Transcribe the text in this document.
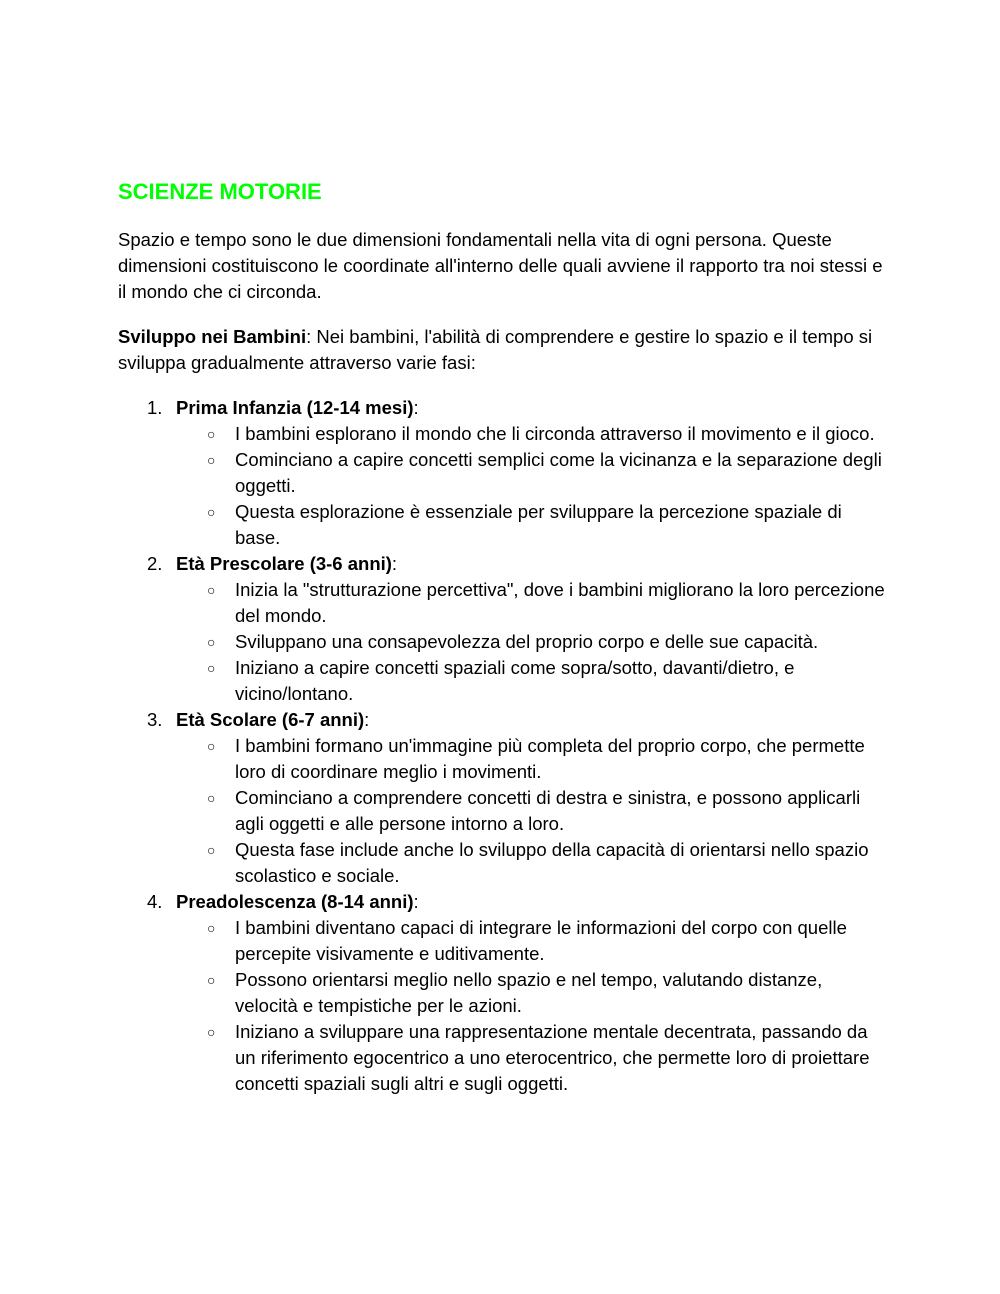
SCIENZE MOTORIE

Spazio e tempo sono le due dimensioni fondamentali nella vita di ogni persona. Queste dimensioni costituiscono le coordinate all'interno delle quali avviene il rapporto tra noi stessi e il mondo che ci circonda.

Sviluppo nei Bambini: Nei bambini, l'abilità di comprendere e gestire lo spazio e il tempo si sviluppa gradualmente attraverso varie fasi:

1. Prima Infanzia (12-14 mesi):
○ I bambini esplorano il mondo che li circonda attraverso il movimento e il gioco.
○ Cominciano a capire concetti semplici come la vicinanza e la separazione degli oggetti.
○ Questa esplorazione è essenziale per sviluppare la percezione spaziale di base.
2. Età Prescolare (3-6 anni):
○ Inizia la "strutturazione percettiva", dove i bambini migliorano la loro percezione del mondo.
○ Sviluppano una consapevolezza del proprio corpo e delle sue capacità.
○ Iniziano a capire concetti spaziali come sopra/sotto, davanti/dietro, e vicino/lontano.
3. Età Scolare (6-7 anni):
○ I bambini formano un'immagine più completa del proprio corpo, che permette loro di coordinare meglio i movimenti.
○ Cominciano a comprendere concetti di destra e sinistra, e possono applicarli agli oggetti e alle persone intorno a loro.
○ Questa fase include anche lo sviluppo della capacità di orientarsi nello spazio scolastico e sociale.
4. Preadolescenza (8-14 anni):
○ I bambini diventano capaci di integrare le informazioni del corpo con quelle percepite visivamente e uditivamente.
○ Possono orientarsi meglio nello spazio e nel tempo, valutando distanze, velocità e tempistiche per le azioni.
○ Iniziano a sviluppare una rappresentazione mentale decentrata, passando da un riferimento egocentrico a uno eterocentrico, che permette loro di proiettare concetti spaziali sugli altri e sugli oggetti.
